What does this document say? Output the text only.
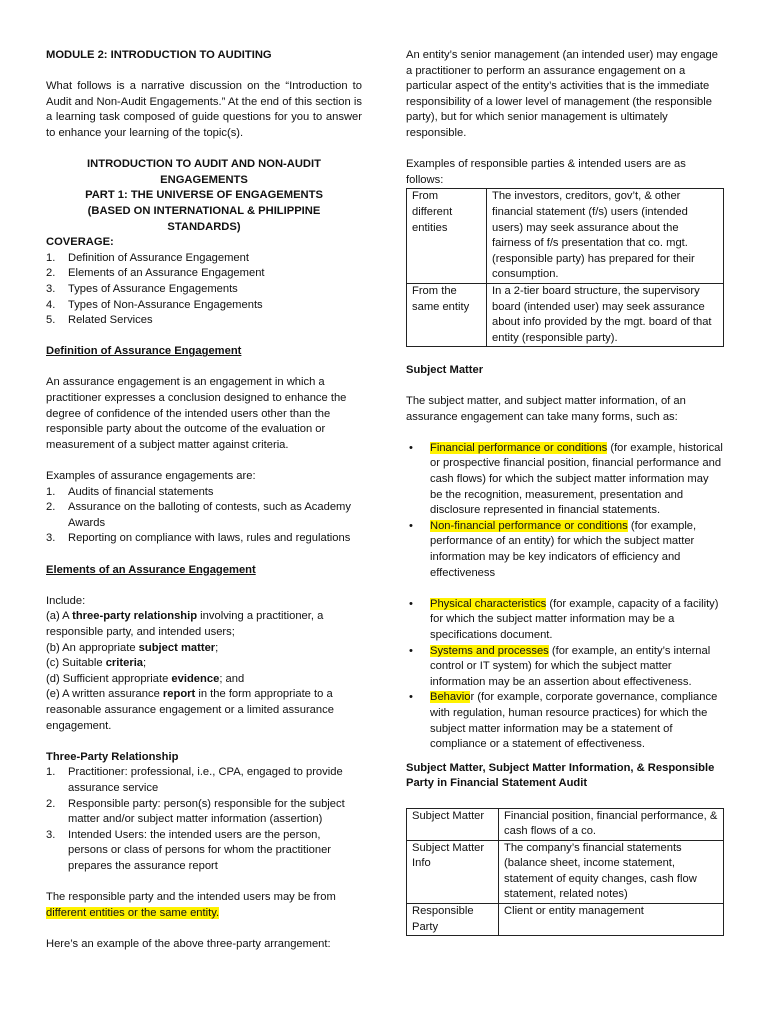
MODULE 2: INTRODUCTION TO AUDITING

What follows is a narrative discussion on the “Introduction to Audit and Non-Audit Engagements.” At the end of this section is a learning task composed of guide questions for you to answer to enhance your learning of the topic(s).

INTRODUCTION TO AUDIT AND NON-AUDIT ENGAGEMENTS

PART 1: THE UNIVERSE OF ENGAGEMENTS

(BASED ON INTERNATIONAL & PHILIPPINE

STANDARDS)

COVERAGE:

1. Definition of Assurance Engagement
2. Elements of an Assurance Engagement
3. Types of Assurance Engagements
4. Types of Non-Assurance Engagements
5. Related Services

Definition of Assurance Engagement

An assurance engagement is an engagement in which a practitioner expresses a conclusion designed to enhance the degree of confidence of the intended users other than the responsible party about the outcome of the evaluation or measurement of a subject matter against criteria.

Examples of assurance engagements are:

1. Audits of financial statements
2. Assurance on the balloting of contests, such as Academy Awards
3. Reporting on compliance with laws, rules and regulations

Elements of an Assurance Engagement

Include:

(a) A three-party relationship involving a practitioner, a responsible party, and intended users;

(b) An appropriate subject matter;

(c) Suitable criteria;

(d) Sufficient appropriate evidence; and

(e) A written assurance report in the form appropriate to a reasonable assurance engagement or a limited assurance engagement.

Three-Party Relationship

1. Practitioner: professional, i.e., CPA, engaged to provide assurance service
2. Responsible party: person(s) responsible for the subject matter and/or subject matter information (assertion)
3. Intended Users: the intended users are the person, persons or class of persons for whom the practitioner prepares the assurance report

The responsible party and the intended users may be from different entities or the same entity.

Here’s an example of the above three-party arrangement:

An entity’s senior management (an intended user) may engage a practitioner to perform an assurance engagement on a particular aspect of the entity’s activities that is the immediate responsibility of a lower level of management (the responsible party), but for which senior management is ultimately responsible.

Examples of responsible parties & intended users are as follows:

From different entities	The investors, creditors, gov’t, & other financial statement (f/s) users (intended users) may seek assurance about the fairness of f/s presentation that co. mgt. (responsible party) has prepared for their consumption.
From the same entity	In a 2-tier board structure, the supervisory board (intended user) may seek assurance about info provided by the mgt. board of that entity (responsible party).

Subject Matter

The subject matter, and subject matter information, of an assurance engagement can take many forms, such as:

• Financial performance or conditions (for example, historical or prospective financial position, financial performance and cash flows) for which the subject matter information may be the recognition, measurement, presentation and disclosure represented in financial statements.
• Non-financial performance or conditions (for example, performance of an entity) for which the subject matter information may be key indicators of efficiency and effectiveness
• Physical characteristics (for example, capacity of a facility) for which the subject matter information may be a specifications document.
• Systems and processes (for example, an entity’s internal control or IT system) for which the subject matter information may be an assertion about effectiveness.
• Behavior (for example, corporate governance, compliance with regulation, human resource practices) for which the subject matter information may be a statement of compliance or a statement of effectiveness.

Subject Matter, Subject Matter Information, & Responsible Party in Financial Statement Audit

Subject Matter	Financial position, financial performance, & cash flows of a co.
Subject Matter Info	The company’s financial statements (balance sheet, income statement, statement of equity changes, cash flow statement, related notes)
Responsible Party	Client or entity management
